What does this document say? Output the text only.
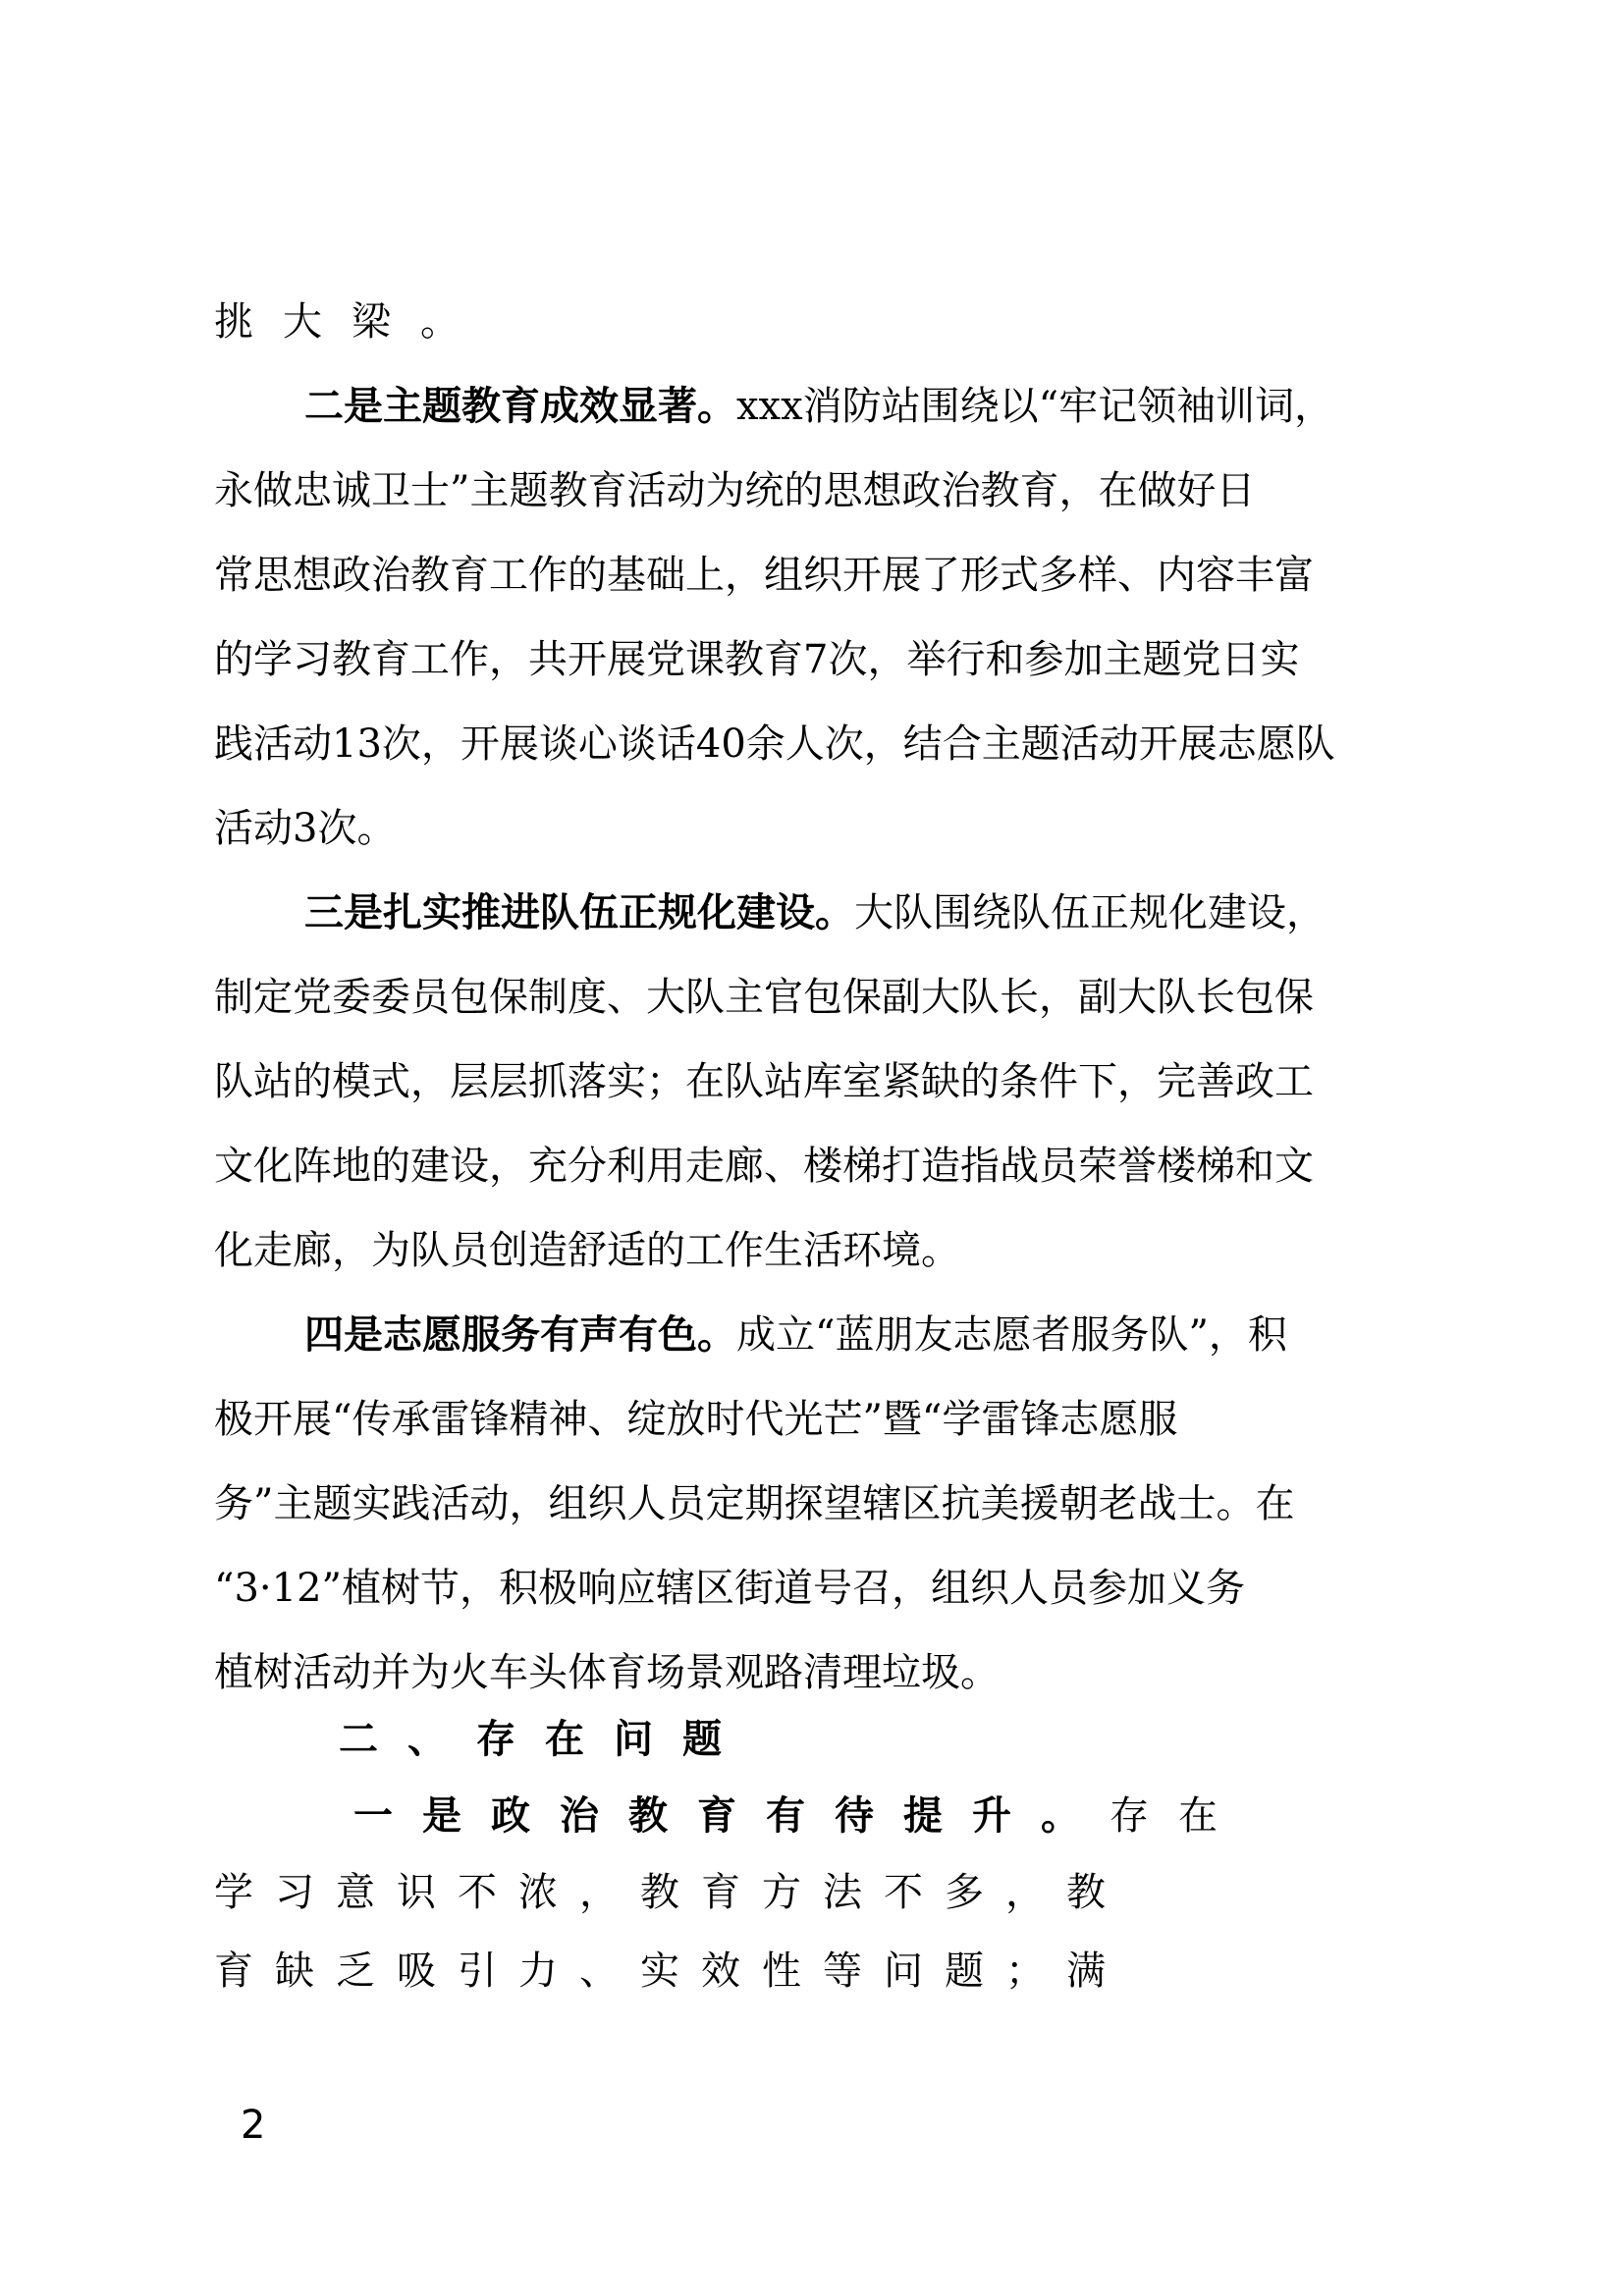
挑大梁。
二是主题教育成效显著。xxx消防站围绕以“牢记领袖训词，
永做忠诚卫士”主题教育活动为统的思想政治教育，在做好日
常思想政治教育工作的基础上，组织开展了形式多样、内容丰富
的学习教育工作，共开展党课教育7次，举行和参加主题党日实
践活动13次，开展谈心谈话40余人次，结合主题活动开展志愿队
活动3次。
三是扎实推进队伍正规化建设。大队围绕队伍正规化建设，
制定党委委员包保制度、大队主官包保副大队长，副大队长包保
队站的模式，层层抓落实；在队站库室紧缺的条件下，完善政工
文化阵地的建设，充分利用走廊、楼梯打造指战员荣誉楼梯和文
化走廊，为队员创造舒适的工作生活环境。
四是志愿服务有声有色。成立“蓝朋友志愿者服务队”，积
极开展“传承雷锋精神、绽放时代光芒”暨“学雷锋志愿服
务”主题实践活动，组织人员定期探望辖区抗美援朝老战士。在
“3·12”植树节，积极响应辖区街道号召，组织人员参加义务
植树活动并为火车头体育场景观路清理垃圾。
二、存在问题
一是政治教育有待提升。存在
学习意识不浓，教育方法不多，教
育缺乏吸引力、实效性等问题；满
2
